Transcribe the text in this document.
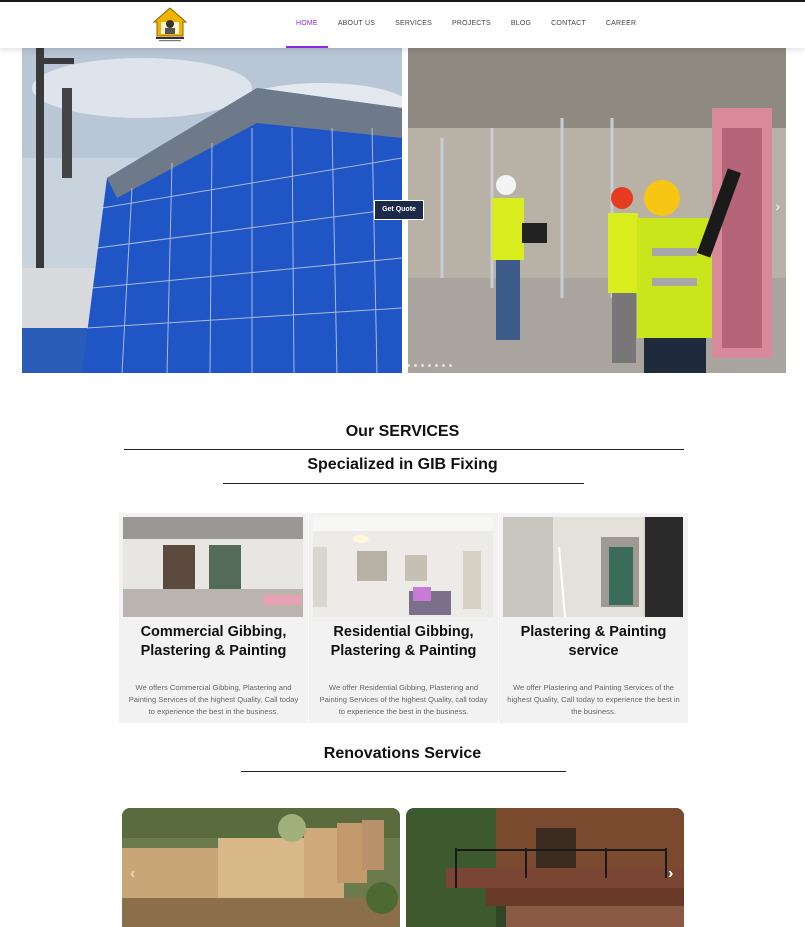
HOME	ABOUT US	SERVICES	PROJECTS	BLOG	CONTACT	CAREER
Get Quote	›
Our SERVICES
Specialized in GIB Fixing
Commercial Gibbing,
Plastering & Painting
We offers Commercial Gibbing, Plastering and
Painting Services of the highest Quality, Call today
to experience the best in the business.
Residential Gibbing,
Plastering & Painting
We offer Residential Gibbing, Plastering and
Painting Services of the highest Quality, call today
to experience the best in the business.
Plastering & Painting
service
We offer Plastering and Painting Services of the
highest Quality, Call today to experience the best in
the business.
Renovations Service
‹	›
